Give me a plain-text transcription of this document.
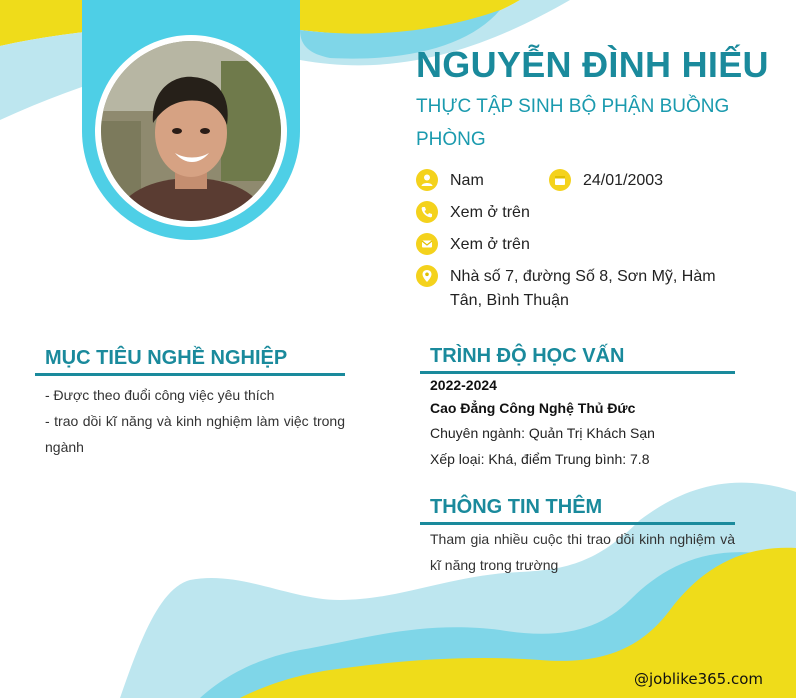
NGUYỄN ĐÌNH HIẾU
THỰC TẬP SINH BỘ PHẬN BUỒNG PHÒNG
Nam	24/01/2003
Xem ở trên
Xem ở trên
Nhà số 7, đường Số 8, Sơn Mỹ, Hàm Tân, Bình Thuận
MỤC TIÊU NGHỀ NGHIỆP
- Được theo đuổi công việc yêu thích
- trao dồi kĩ năng và kinh nghiệm làm việc trong ngành
TRÌNH ĐỘ HỌC VẤN
2022-2024
Cao Đẳng Công Nghệ Thủ Đức
Chuyên ngành: Quản Trị Khách Sạn
Xếp loại: Khá, điểm Trung bình: 7.8
THÔNG TIN THÊM
Tham gia nhiều cuộc thi trao dồi kinh nghiệm và kĩ năng trong trường
@joblike365.com
